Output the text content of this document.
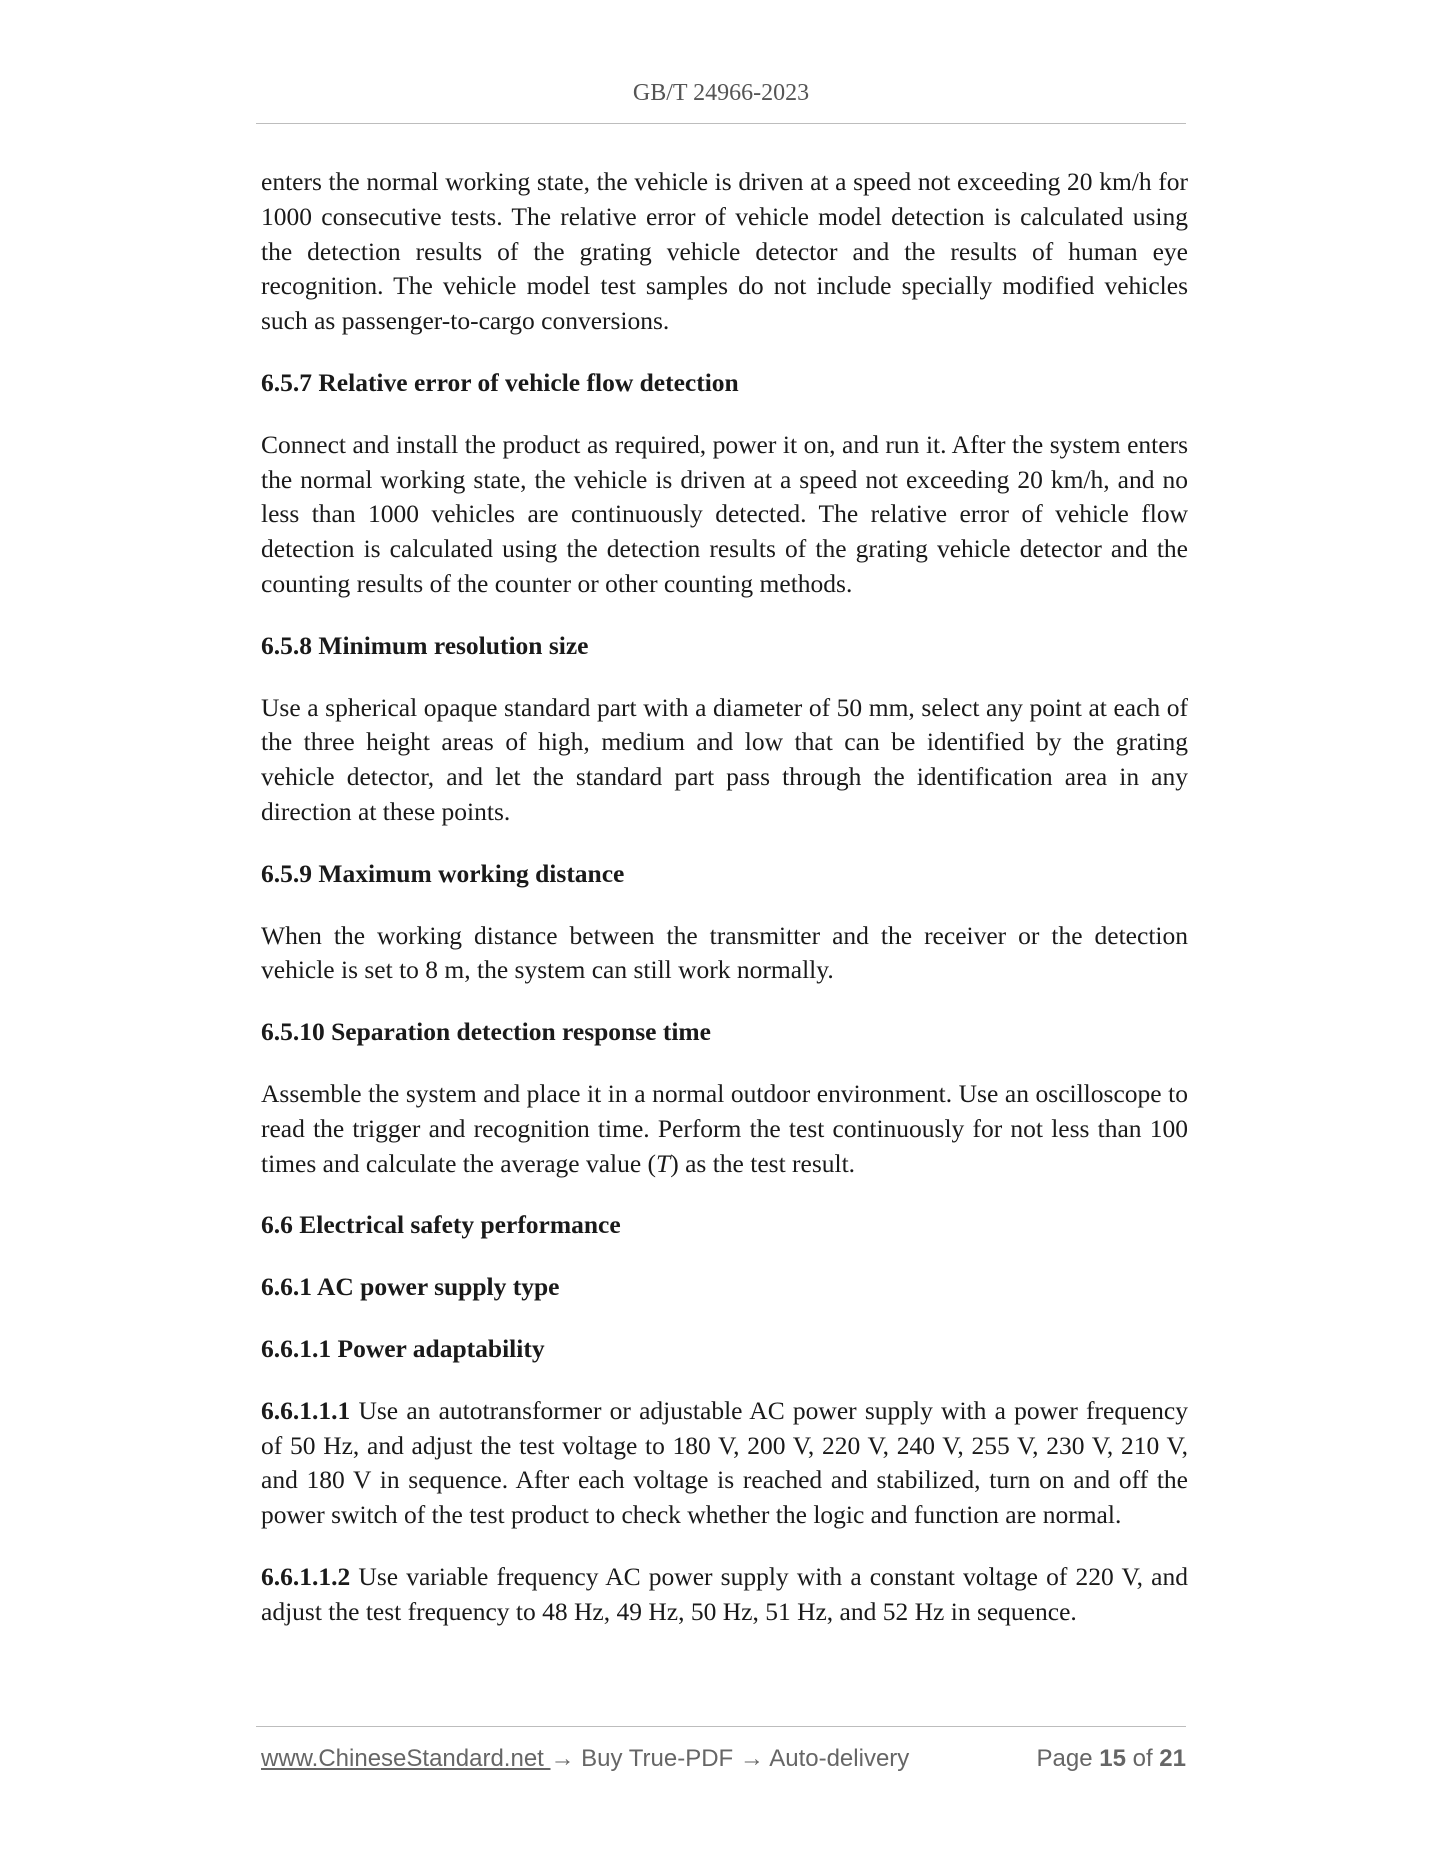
GB/T 24966-2023

enters the normal working state, the vehicle is driven at a speed not exceeding 20 km/h for 1000 consecutive tests. The relative error of vehicle model detection is calculated using the detection results of the grating vehicle detector and the results of human eye recognition. The vehicle model test samples do not include specially modified vehicles such as passenger-to-cargo conversions.

6.5.7 Relative error of vehicle flow detection

Connect and install the product as required, power it on, and run it. After the system enters the normal working state, the vehicle is driven at a speed not exceeding 20 km/h, and no less than 1000 vehicles are continuously detected. The relative error of vehicle flow detection is calculated using the detection results of the grating vehicle detector and the counting results of the counter or other counting methods.

6.5.8 Minimum resolution size

Use a spherical opaque standard part with a diameter of 50 mm, select any point at each of the three height areas of high, medium and low that can be identified by the grating vehicle detector, and let the standard part pass through the identification area in any direction at these points.

6.5.9 Maximum working distance

When the working distance between the transmitter and the receiver or the detection vehicle is set to 8 m, the system can still work normally.

6.5.10 Separation detection response time

Assemble the system and place it in a normal outdoor environment. Use an oscilloscope to read the trigger and recognition time. Perform the test continuously for not less than 100 times and calculate the average value (T) as the test result.

6.6 Electrical safety performance

6.6.1 AC power supply type

6.6.1.1 Power adaptability

6.6.1.1.1 Use an autotransformer or adjustable AC power supply with a power frequency of 50 Hz, and adjust the test voltage to 180 V, 200 V, 220 V, 240 V, 255 V, 230 V, 210 V, and 180 V in sequence. After each voltage is reached and stabilized, turn on and off the power switch of the test product to check whether the logic and function are normal.

6.6.1.1.2 Use variable frequency AC power supply with a constant voltage of 220 V, and adjust the test frequency to 48 Hz, 49 Hz, 50 Hz, 51 Hz, and 52 Hz in sequence.

www.ChineseStandard.net → Buy True-PDF → Auto-delivery	Page 15 of 21
